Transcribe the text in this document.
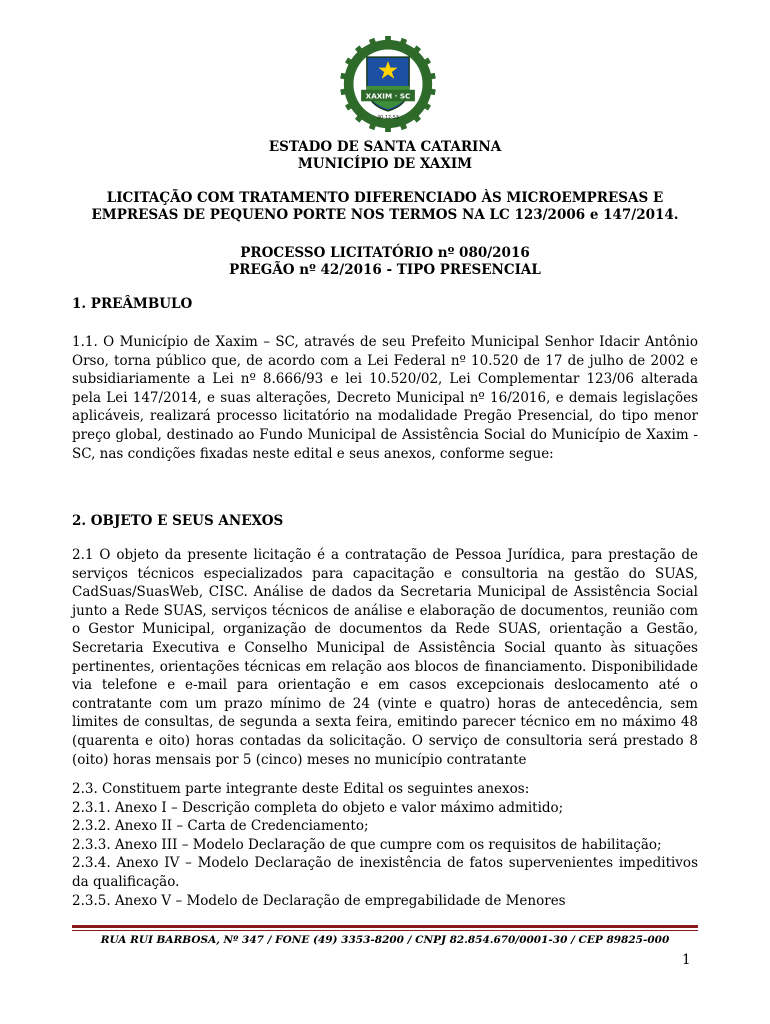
XAXIM · SC
30-12-53
ESTADO DE SANTA CATARINA
MUNICÍPIO DE XAXIM
LICITAÇÃO COM TRATAMENTO DIFERENCIADO ÀS MICROEMPRESAS E
EMPRESAS DE PEQUENO PORTE NOS TERMOS NA LC 123/2006 e 147/2014.
PROCESSO LICITATÓRIO nº 080/2016
PREGÃO nº 42/2016 - TIPO PRESENCIAL
1. PREÂMBULO
1.1. O Município de Xaxim – SC, através de seu Prefeito Municipal Senhor Idacir Antônio Orso, torna público que, de acordo com a Lei Federal nº 10.520 de 17 de julho de 2002 e subsidiariamente a Lei nº 8.666/93 e lei 10.520/02, Lei Complementar 123/06 alterada pela Lei 147/2014, e suas alterações, Decreto Municipal nº 16/2016, e demais legislações aplicáveis, realizará processo licitatório na modalidade Pregão Presencial, do tipo menor preço global, destinado ao Fundo Municipal de Assistência Social do Município de Xaxim - SC, nas condições fixadas neste edital e seus anexos, conforme segue:
2. OBJETO E SEUS ANEXOS
2.1 O objeto da presente licitação é a contratação de Pessoa Jurídica, para prestação de serviços técnicos especializados para capacitação e consultoria na gestão do SUAS, CadSuas/SuasWeb, CISC. Análise de dados da Secretaria Municipal de Assistência Social junto a Rede SUAS, serviços técnicos de análise e elaboração de documentos, reunião com o Gestor Municipal, organização de documentos da Rede SUAS, orientação a Gestão, Secretaria Executiva e Conselho Municipal de Assistência Social quanto às situações pertinentes, orientações técnicas em relação aos blocos de financiamento. Disponibilidade via telefone e e-mail para orientação e em casos excepcionais deslocamento até o contratante com um prazo mínimo de 24 (vinte e quatro) horas de antecedência, sem limites de consultas, de segunda a sexta feira, emitindo parecer técnico em no máximo 48 (quarenta e oito) horas contadas da solicitação. O serviço de consultoria será prestado 8 (oito) horas mensais por 5 (cinco) meses no município contratante
2.3. Constituem parte integrante deste Edital os seguintes anexos:
2.3.1. Anexo I – Descrição completa do objeto e valor máximo admitido;
2.3.2. Anexo II – Carta de Credenciamento;
2.3.3. Anexo III – Modelo Declaração de que cumpre com os requisitos de habilitação;
2.3.4. Anexo IV – Modelo Declaração de inexistência de fatos supervenientes impeditivos da qualificação.
2.3.5. Anexo V – Modelo de Declaração de empregabilidade de Menores
RUA RUI BARBOSA, Nº 347 / FONE (49) 3353-8200 / CNPJ 82.854.670/0001-30 / CEP 89825-000
1
